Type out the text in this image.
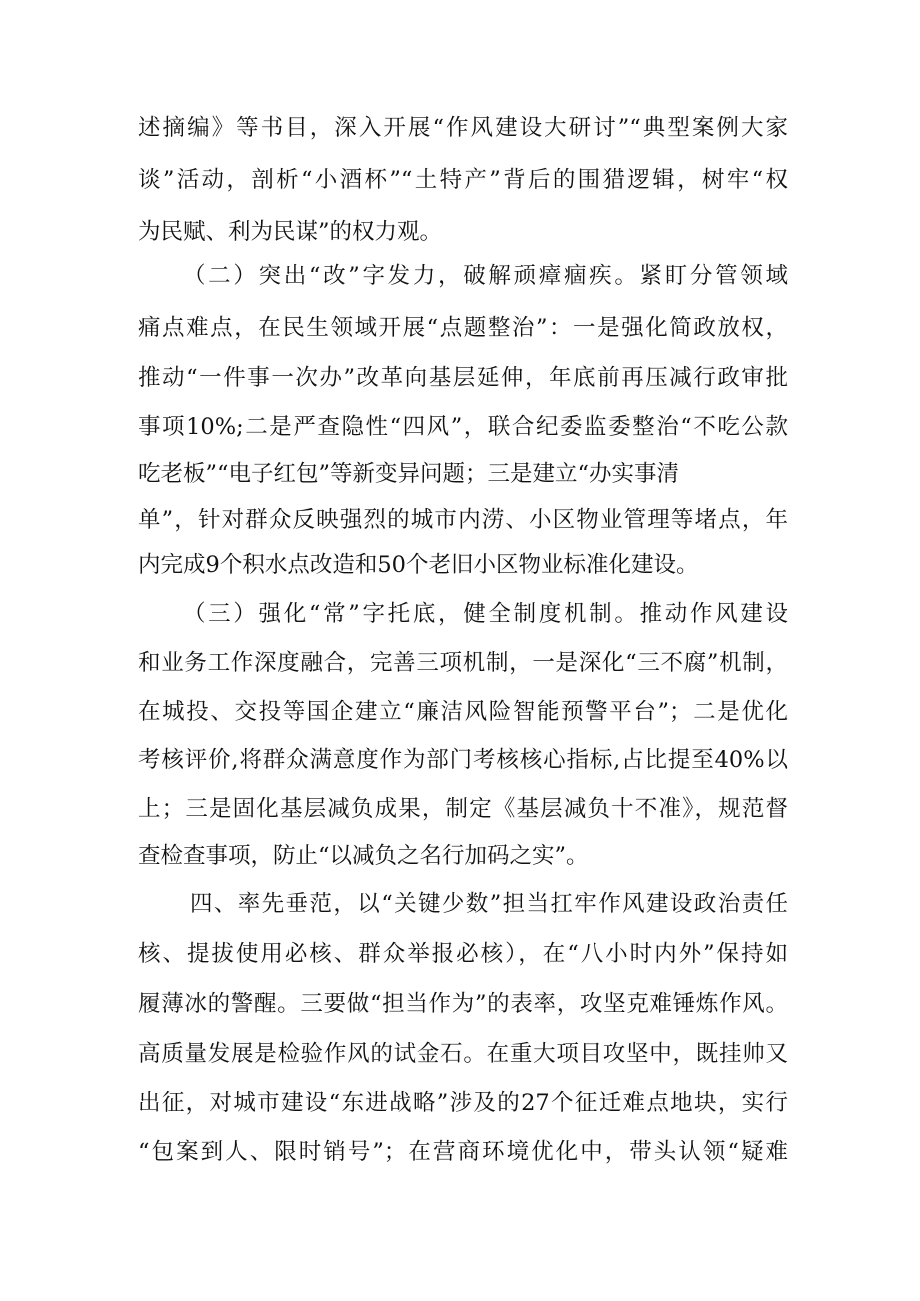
述摘编》等书目，深入开展“作风建设大研讨”“典型案例大家
谈”活动，剖析“小酒杯”“土特产”背后的围猎逻辑，树牢“权
为民赋、利为民谋”的权力观。
（二）突出“改”字发力，破解顽瘴痼疾。紧盯分管领域
痛点难点，在民生领域开展“点题整治”：一是强化简政放权，
推动“一件事一次办”改革向基层延伸，年底前再压减行政审批
事项10%;二是严查隐性“四风”，联合纪委监委整治“不吃公款
吃老板”“电子红包”等新变异问题；三是建立“办实事清
单”，针对群众反映强烈的城市内涝、小区物业管理等堵点，年
内完成9个积水点改造和50个老旧小区物业标准化建设。
（三）强化“常”字托底，健全制度机制。推动作风建设
和业务工作深度融合，完善三项机制，一是深化“三不腐”机制，
在城投、交投等国企建立“廉洁风险智能预警平台”；二是优化
考核评价,将群众满意度作为部门考核核心指标,占比提至40%以
上；三是固化基层减负成果，制定《基层减负十不准》，规范督
查检查事项，防止“以减负之名行加码之实”。
四、率先垂范，以“关键少数”担当扛牢作风建设政治责任
核、提拔使用必核、群众举报必核），在“八小时内外”保持如
履薄冰的警醒。三要做“担当作为”的表率，攻坚克难锤炼作风。
高质量发展是检验作风的试金石。在重大项目攻坚中，既挂帅又
出征，对城市建设“东进战略”涉及的27个征迁难点地块，实行
“包案到人、限时销号”；在营商环境优化中，带头认领“疑难
